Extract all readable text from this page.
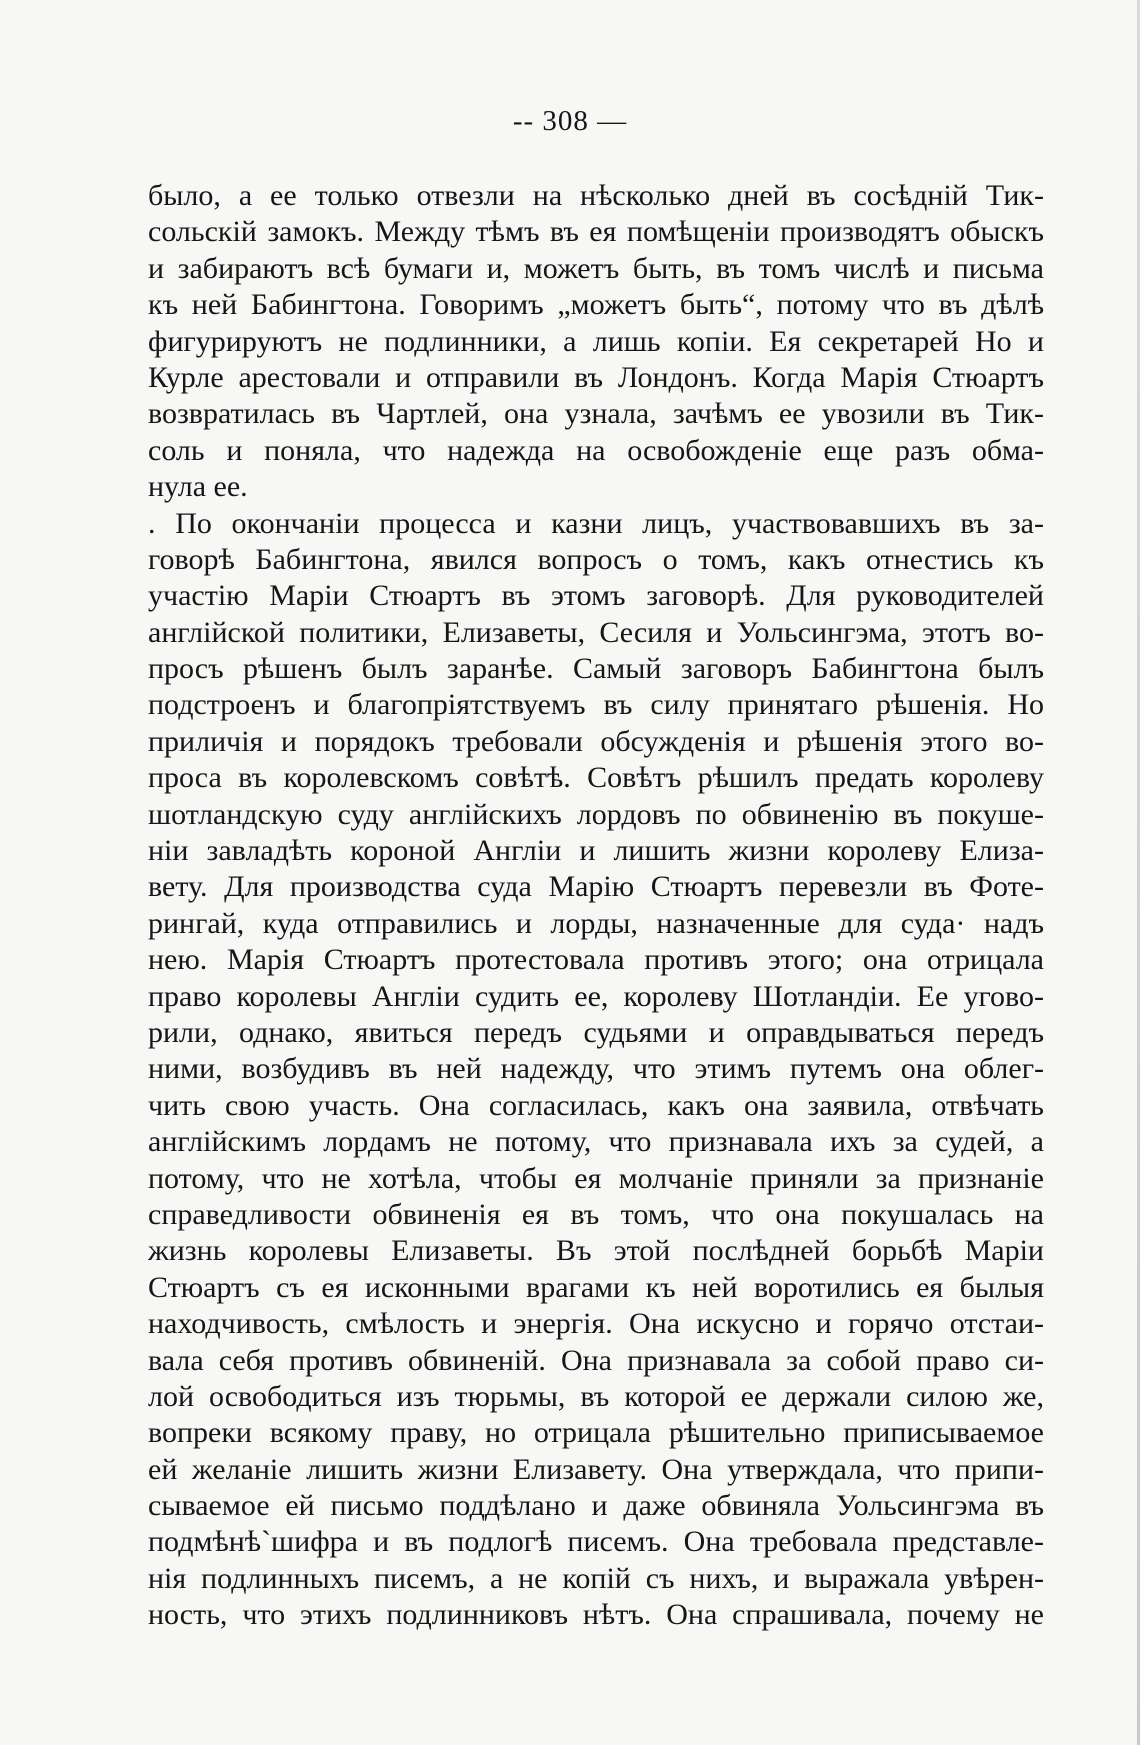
-- 308 —
было, а ее только отвезли на нѣсколько дней въ сосѣдній Тик-
сольскій замокъ. Между тѣмъ въ ея помѣщеніи производятъ обыскъ
и забираютъ всѣ бумаги и, можетъ быть, въ томъ числѣ и письма
къ ней Бабингтона. Говоримъ „можетъ быть“, потому что въ дѣлѣ
фигурируютъ не подлинники, а лишь копіи. Ея секретарей Но и
Курле арестовали и отправили въ Лондонъ. Когда Марія Стюартъ
возвратилась въ Чартлей, она узнала, зачѣмъ ее увозили въ Тик-
соль и поняла, что надежда на освобожденіе еще разъ обма-
нула ее.
. По окончаніи процесса и казни лицъ, участвовавшихъ въ за-
говорѣ Бабингтона, явился вопросъ о томъ, какъ отнестись къ
участію Маріи Стюартъ въ этомъ заговорѣ. Для руководителей
англійской политики, Елизаветы, Сесиля и Уольсингэма, этотъ во-
просъ рѣшенъ былъ заранѣе. Самый заговоръ Бабингтона былъ
подстроенъ и благопріятствуемъ въ силу принятаго рѣшенія. Но
приличія и порядокъ требовали обсужденія и рѣшенія этого во-
проса въ королевскомъ совѣтѣ. Совѣтъ рѣшилъ предать королеву
шотландскую суду англійскихъ лордовъ по обвиненію въ покуше-
ніи завладѣть короной Англіи и лишить жизни королеву Елиза-
вету. Для производства суда Марію Стюартъ перевезли въ Фоте-
рингай, куда отправились и лорды, назначенные для суда· надъ
нею. Марія Стюартъ протестовала противъ этого; она отрицала
право королевы Англіи судить ее, королеву Шотландіи. Ее угово-
рили, однако, явиться передъ судьями и оправдываться передъ
ними, возбудивъ въ ней надежду, что этимъ путемъ она облег-
чить свою участь. Она согласилась, какъ она заявила, отвѣчать
англійскимъ лордамъ не потому, что признавала ихъ за судей, а
потому, что не хотѣла, чтобы ея молчаніе приняли за признаніе
справедливости обвиненія ея въ томъ, что она покушалась на
жизнь королевы Елизаветы. Въ этой послѣдней борьбѣ Маріи
Стюартъ съ ея исконными врагами къ ней воротились ея былыя
находчивость, смѣлость и энергія. Она искусно и горячо отстаи-
вала себя противъ обвиненій. Она признавала за собой право си-
лой освободиться изъ тюрьмы, въ которой ее держали силою же,
вопреки всякому праву, но отрицала рѣшительно приписываемое
ей желаніе лишить жизни Елизавету. Она утверждала, что припи-
сываемое ей письмо поддѣлано и даже обвиняла Уольсингэма въ
подмѣнѣ`шифра и въ подлогѣ писемъ. Она требовала представле-
нія подлинныхъ писемъ, а не копій съ нихъ, и выражала увѣрен-
ность, что этихъ подлинниковъ нѣтъ. Она спрашивала, почему не
